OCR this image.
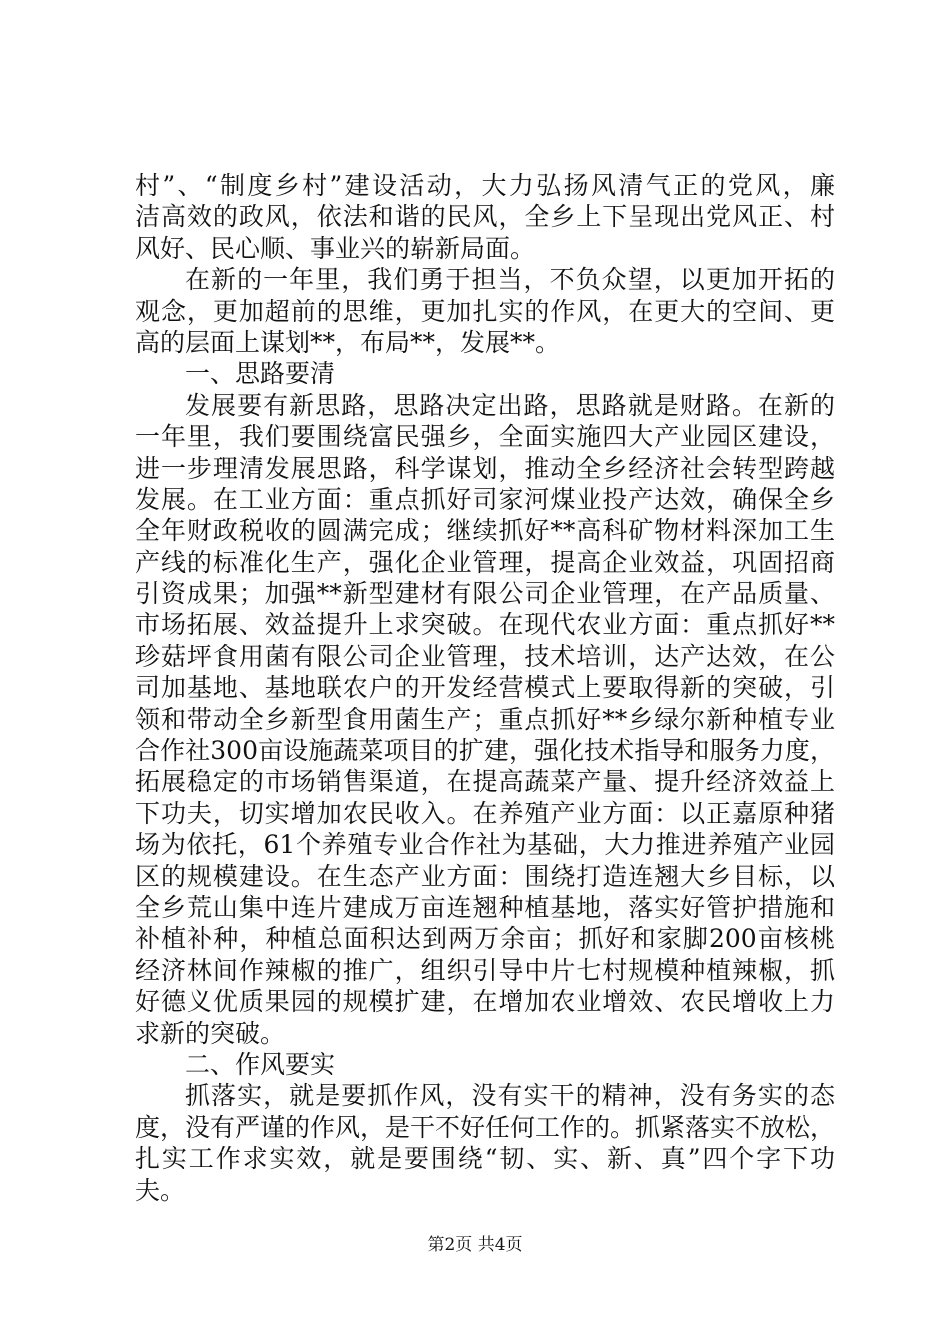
村”、“制度乡村”建设活动，大力弘扬风清气正的党风，廉
洁高效的政风，依法和谐的民风，全乡上下呈现出党风正、村
风好、民心顺、事业兴的崭新局面。
在新的一年里，我们勇于担当，不负众望，以更加开拓的
观念，更加超前的思维，更加扎实的作风，在更大的空间、更
高的层面上谋划**，布局**，发展**。
一、思路要清
发展要有新思路，思路决定出路，思路就是财路。在新的
一年里，我们要围绕富民强乡，全面实施四大产业园区建设，
进一步理清发展思路，科学谋划，推动全乡经济社会转型跨越
发展。在工业方面：重点抓好司家河煤业投产达效，确保全乡
全年财政税收的圆满完成；继续抓好**高科矿物材料深加工生
产线的标准化生产，强化企业管理，提高企业效益，巩固招商
引资成果；加强**新型建材有限公司企业管理，在产品质量、
市场拓展、效益提升上求突破。在现代农业方面：重点抓好**
珍菇坪食用菌有限公司企业管理，技术培训，达产达效，在公
司加基地、基地联农户的开发经营模式上要取得新的突破，引
领和带动全乡新型食用菌生产；重点抓好**乡绿尔新种植专业
合作社300亩设施蔬菜项目的扩建，强化技术指导和服务力度，
拓展稳定的市场销售渠道，在提高蔬菜产量、提升经济效益上
下功夫，切实增加农民收入。在养殖产业方面：以正嘉原种猪
场为依托，61个养殖专业合作社为基础，大力推进养殖产业园
区的规模建设。在生态产业方面：围绕打造连翘大乡目标，以
全乡荒山集中连片建成万亩连翘种植基地，落实好管护措施和
补植补种，种植总面积达到两万余亩；抓好和家脚200亩核桃
经济林间作辣椒的推广，组织引导中片七村规模种植辣椒，抓
好德义优质果园的规模扩建，在增加农业增效、农民增收上力
求新的突破。
二、作风要实
抓落实，就是要抓作风，没有实干的精神，没有务实的态
度，没有严谨的作风，是干不好任何工作的。抓紧落实不放松，
扎实工作求实效，就是要围绕“韧、实、新、真”四个字下功
夫。
第2页 共4页
